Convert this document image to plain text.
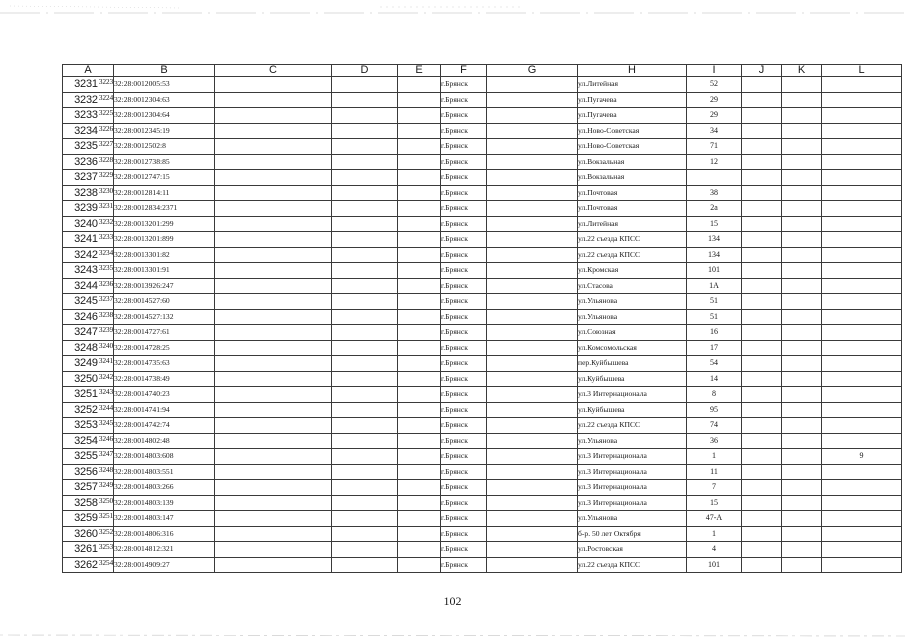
A	B	C	D	E	F	G	H	I	J	K	L
$3231^{3223}$	32:28:0012005:53				г.Брянск		ул.Литейная	52			
$3232^{3224}$	32:28:0012304:63				г.Брянск		ул.Пугачева	29			
$3233^{3225}$	32:28:0012304:64				г.Брянск		ул.Пугачева	29			
$3234^{3226}$	32:28:0012345:19				г.Брянск		ул.Ново-Советская	34			
$3235^{3227}$	32:28:0012502:8				г.Брянск		ул.Ново-Советская	71			
$3236^{3228}$	32:28:0012738:85				г.Брянск		ул.Вокзальная	12			
$3237^{3229}$	32:28:0012747:15				г.Брянск		ул.Вокзальная				
$3238^{3230}$	32:28:0012814:11				г.Брянск		ул.Почтовая	38			
$3239^{3231}$	32:28:0012834:2371				г.Брянск		ул.Почтовая	2а			
$3240^{3232}$	32:28:0013201:299				г.Брянск		ул.Литейная	15			
$3241^{3233}$	32:28:0013201:899				г.Брянск		ул.22 съезда КПСС	134			
$3242^{3234}$	32:28:0013301:82				г.Брянск		ул.22 съезда КПСС	134			
$3243^{3235}$	32:28:0013301:91				г.Брянск		ул.Кромская	101			
$3244^{3236}$	32:28:0013926:247				г.Брянск		ул.Стасова	1А			
$3245^{3237}$	32:28:0014527:60				г.Брянск		ул.Ульянова	51			
$3246^{3238}$	32:28:0014527:132				г.Брянск		ул.Ульянова	51			
$3247^{3239}$	32:28:0014727:61				г.Брянск		ул.Союзная	16			
$3248^{3240}$	32:28:0014728:25				г.Брянск		ул.Комсомольская	17			
$3249^{3241}$	32:28:0014735:63				г.Брянск		пер.Куйбышева	54			
$3250^{3242}$	32:28:0014738:49				г.Брянск		ул.Куйбышева	14			
$3251^{3243}$	32:28:0014740:23				г.Брянск		ул.3 Интернационала	8			
$3252^{3244}$	32:28:0014741:94				г.Брянск		ул.Куйбышева	95			
$3253^{3245}$	32:28:0014742:74				г.Брянск		ул.22 съезда КПСС	74			
$3254^{3246}$	32:28:0014802:48				г.Брянск		ул.Ульянова	36			
$3255^{3247}$	32:28:0014803:608				г.Брянск		ул.3 Интернационала	1			9
$3256^{3248}$	32:28:0014803:551				г.Брянск		ул.3 Интернационала	11			
$3257^{3249}$	32:28:0014803:266				г.Брянск		ул.3 Интернационала	7			
$3258^{3250}$	32:28:0014803:139				г.Брянск		ул.3 Интернационала	15			
$3259^{3251}$	32:28:0014803:147				г.Брянск		ул.Ульянова	47-А			
$3260^{3252}$	32:28:0014806:316				г.Брянск		б-р. 50 лет Октября	1			
$3261^{3253}$	32:28:0014812:321				г.Брянск		ул.Ростовская	4			
$3262^{3254}$	32:28:0014909:27				г.Брянск		ул.22 съезда КПСС	101			
102
